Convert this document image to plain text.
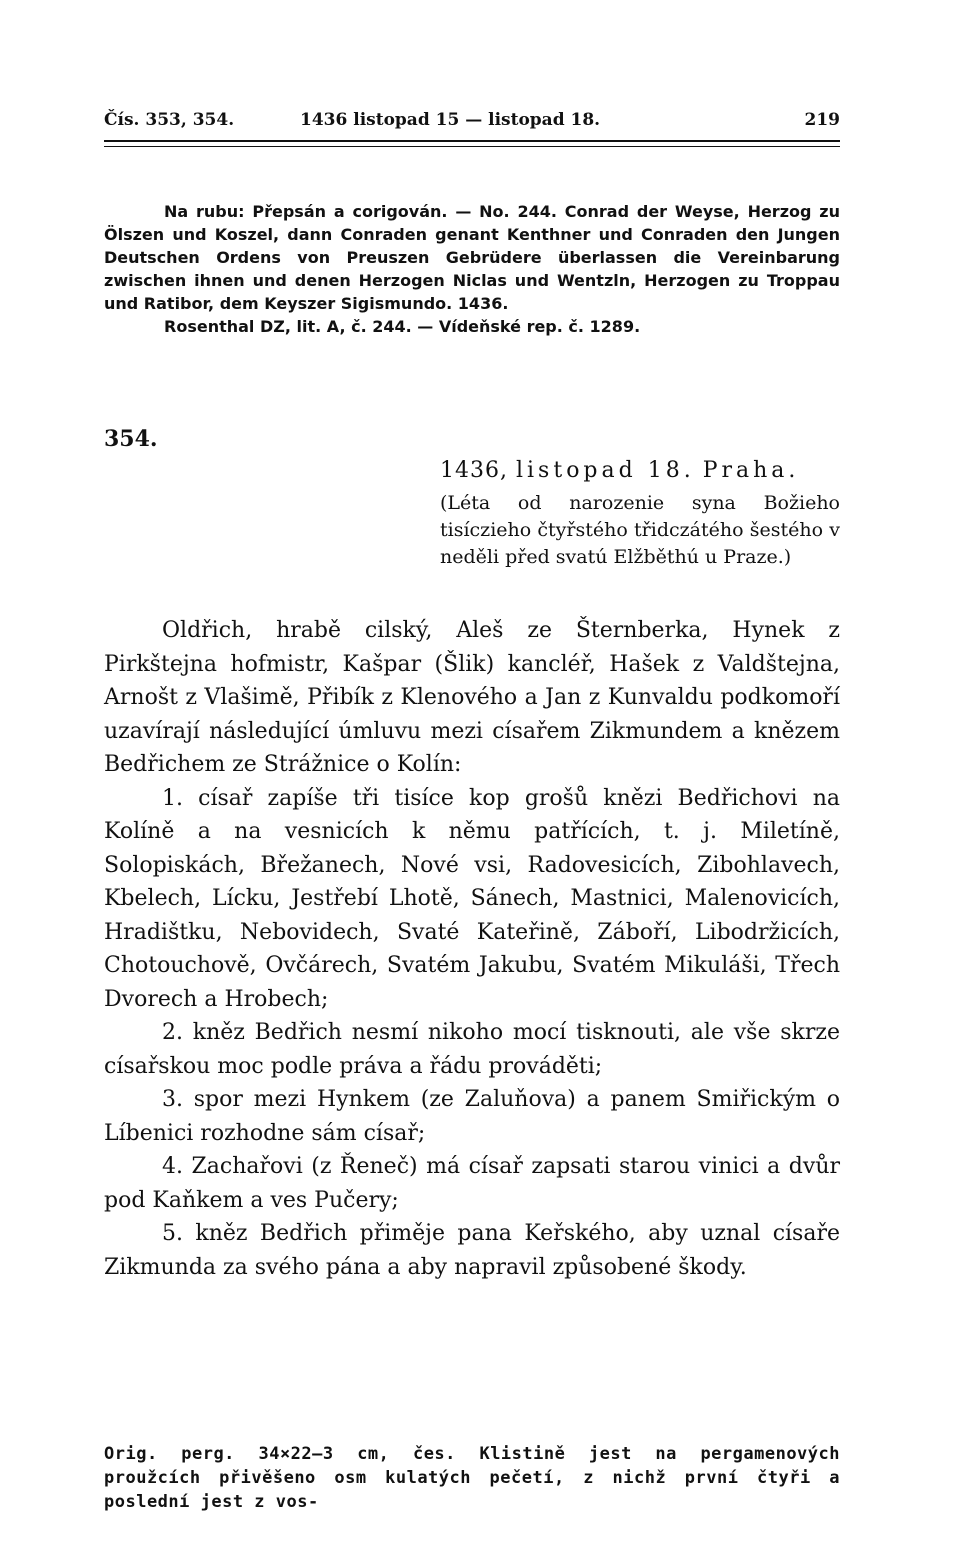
Čís. 353, 354.	1436 listopad 15 — listopad 18.	219

Na rubu: Přepsán a corigován. — No. 244. Conrad der Weyse, Herzog zu Ölszen und Koszel, dann Conraden genant Kenthner und Conraden den Jungen Deutschen Ordens von Preuszen Gebrüdere überlassen die Vereinbarung zwischen ihnen und denen Herzogen Niclas und Wentzln, Herzogen zu Troppau und Ratibor, dem Keyszer Sigismundo. 1436.

Rosenthal DZ, lit. A, č. 244. — Vídeňské rep. č. 1289.

354.
1436, listopad 18. Praha.
(Léta od narozenie syna Božieho tisíczieho čtyřstého třidczátého šestého v neděli před svatú Elžběthú u Praze.)

Oldřich, hrabě cilský, Aleš ze Šternberka, Hynek z Pirkštejna hofmistr, Kašpar (Šlik) kancléř, Hašek z Valdštejna, Arnošt z Vlašimě, Přibík z Klenového a Jan z Kunvaldu podkomoří uzavírají následující úmluvu mezi císařem Zikmundem a knězem Bedřichem ze Strážnice o Kolín:

1. císař zapíše tři tisíce kop grošů knězi Bedřichovi na Kolíně a na vesnicích k němu patřících, t. j. Miletíně, Solopiskách, Břežanech, Nové vsi, Radovesicích, Zibohlavech, Kbelech, Lícku, Jestřebí Lhotě, Sánech, Mastnici, Malenovicích, Hradištku, Nebovidech, Svaté Kateřině, Záboří, Libodržicích, Chotouchově, Ovčárech, Svatém Jakubu, Svatém Mikuláši, Třech Dvorech a Hrobech;

2. kněz Bedřich nesmí nikoho mocí tisknouti, ale vše skrze císařskou moc podle práva a řádu prováděti;

3. spor mezi Hynkem (ze Zaluňova) a panem Smiřickým o Líbenici rozhodne sám císař;

4. Zachařovi (z Řeneč) má císař zapsati starou vinici a dvůr pod Kaňkem a ves Pučery;

5. kněz Bedřich přiměje pana Keřského, aby uznal císaře Zikmunda za svého pána a aby napravil způsobené škody.

Orig. perg. 34×22—3 cm, čes. Klistině jest na pergamenových proužcích přivěšeno osm kulatých pečetí, z nichž první čtyři a poslední jest z vos-
